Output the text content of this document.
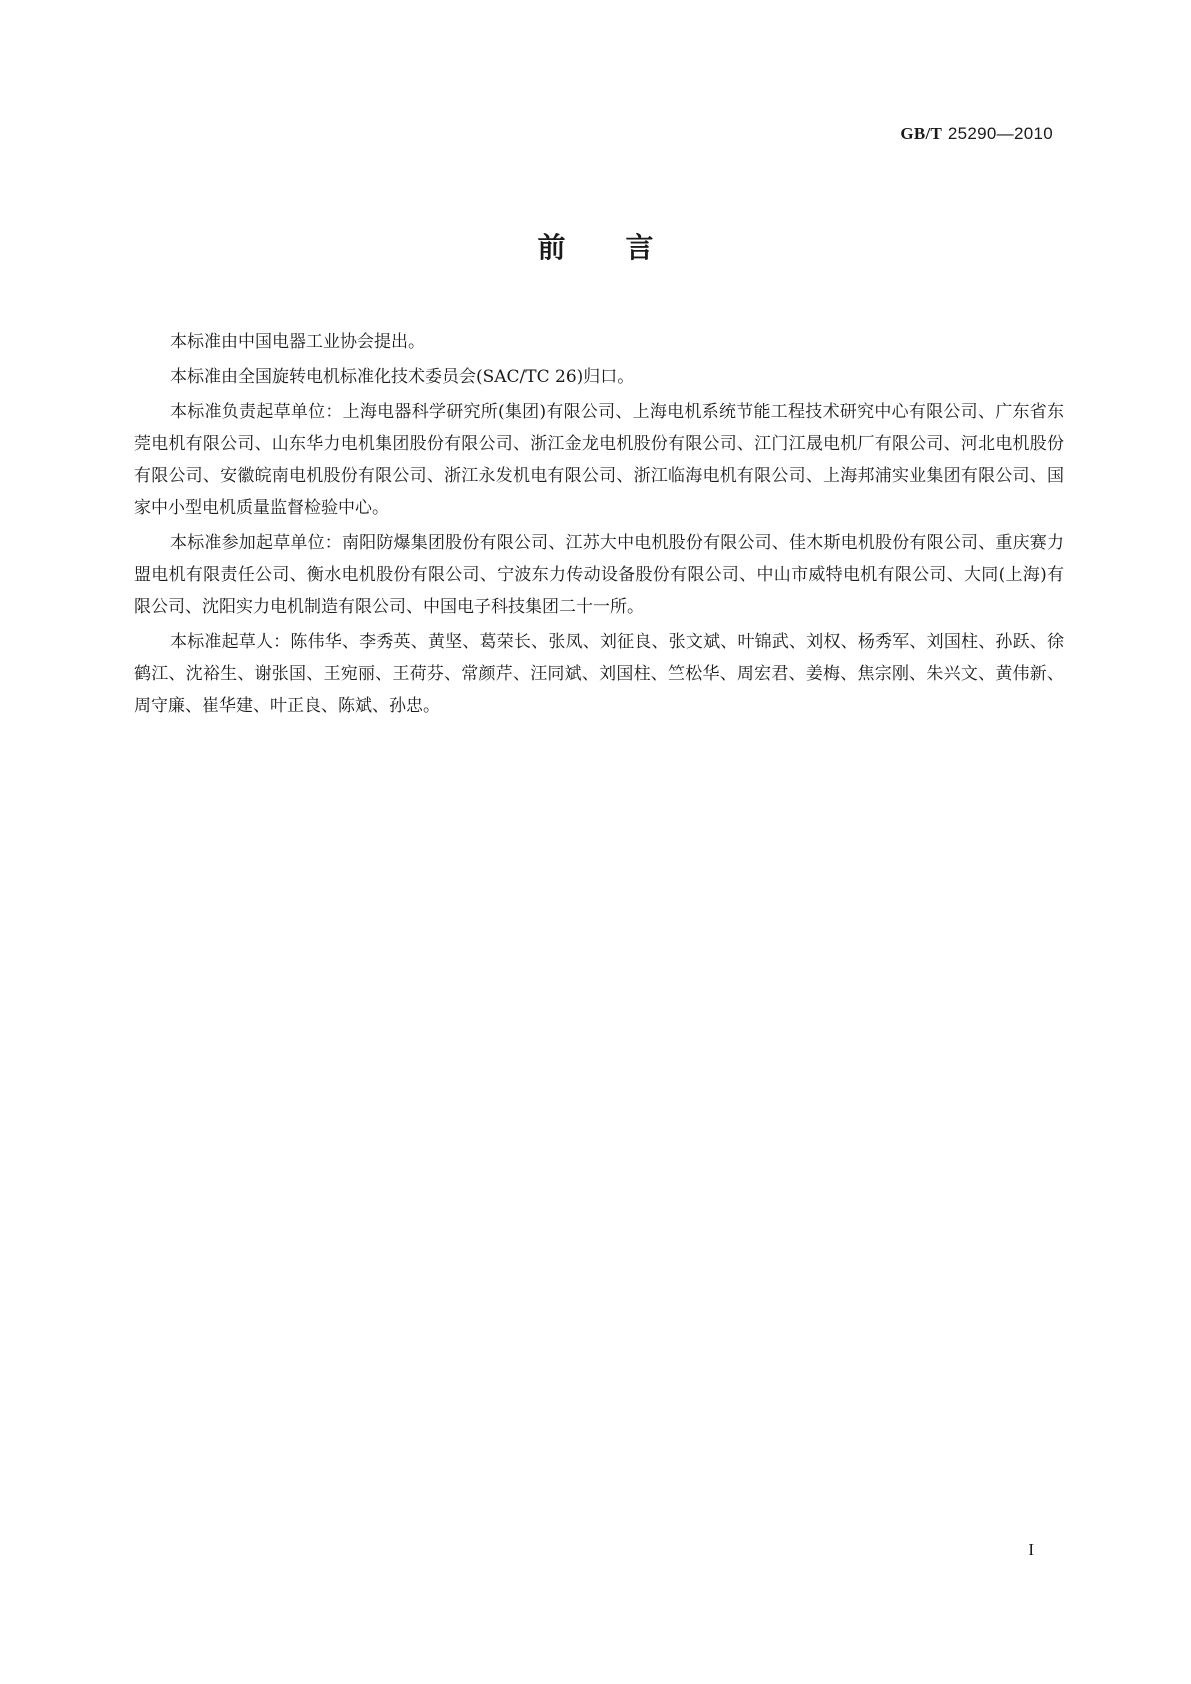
GB/T 25290—2010
前言

本标准由中国电器工业协会提出。

本标准由全国旋转电机标准化技术委员会(SAC/TC 26)归口。

本标准负责起草单位：上海电器科学研究所(集团)有限公司、上海电机系统节能工程技术研究中心有限公司、广东省东莞电机有限公司、山东华力电机集团股份有限公司、浙江金龙电机股份有限公司、江门江晟电机厂有限公司、河北电机股份有限公司、安徽皖南电机股份有限公司、浙江永发机电有限公司、浙江临海电机有限公司、上海邦浦实业集团有限公司、国家中小型电机质量监督检验中心。

本标准参加起草单位：南阳防爆集团股份有限公司、江苏大中电机股份有限公司、佳木斯电机股份有限公司、重庆赛力盟电机有限责任公司、衡水电机股份有限公司、宁波东力传动设备股份有限公司、中山市威特电机有限公司、大同(上海)有限公司、沈阳实力电机制造有限公司、中国电子科技集团二十一所。

本标准起草人：陈伟华、李秀英、黄坚、葛荣长、张凤、刘征良、张文斌、叶锦武、刘权、杨秀军、刘国柱、孙跃、徐鹤江、沈裕生、谢张国、王宛丽、王荷芬、常颜芹、汪同斌、刘国柱、竺松华、周宏君、姜梅、焦宗刚、朱兴文、黄伟新、周守廉、崔华建、叶正良、陈斌、孙忠。

I
